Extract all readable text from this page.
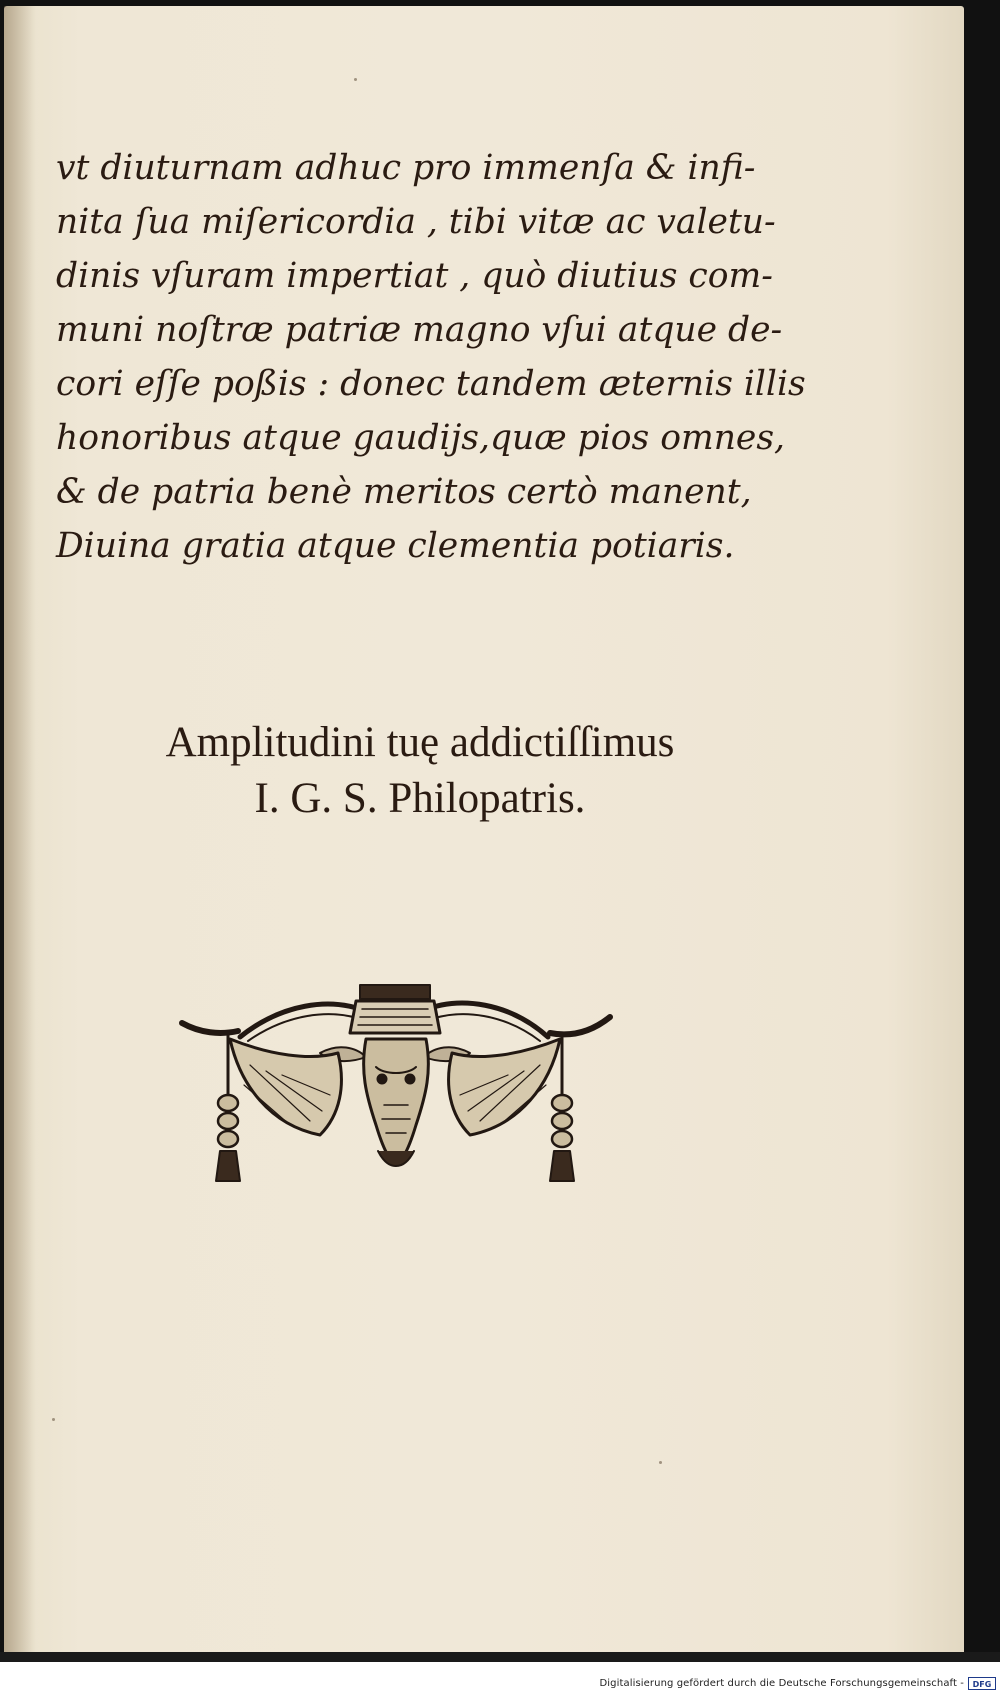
vt diuturnam adhuc pro immenſa & infi-
nita ſua miſericordia , tibi vitæ ac valetu-
dinis vſuram impertiat , quò diutius com-
muni noſtræ patriæ magno vſui atque de-
cori eſſe poßis : donec tandem æternis illis
honoribus atque gaudijs,quæ pios omnes,
& de patria benè meritos certò manent,
Diuina gratia atque clementia potiaris.
Amplitudini tuę addictiſſimus
I. G. S. Philopatris.
Digitalisierung gefördert durch die Deutsche Forschungsgemeinschaft -	DFG
